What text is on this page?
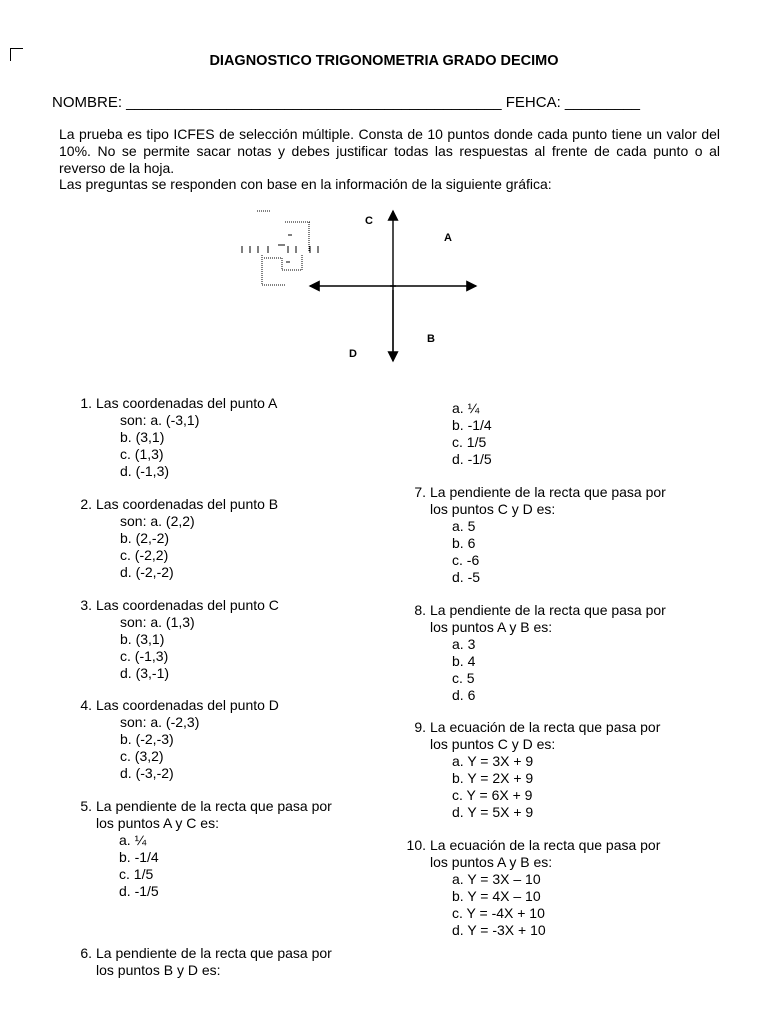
DIAGNOSTICO TRIGONOMETRIA GRADO DECIMO
NOMBRE: _____________________________________________ FEHCA: _________

La prueba es tipo ICFES de selección múltiple. Consta de 10 puntos donde cada punto tiene un valor del 10%. No se permite sacar notas y debes justificar todas las respuestas al frente de cada punto o al reverso de la hoja.

Las preguntas se responden con base en la información de la siguiente gráfica:

C
A
B
D
1. Las coordenadas del punto A
son: a. (-3,1)
b. (3,1)
c. (1,3)
d. (-1,3)
2. Las coordenadas del punto B
son: a. (2,2)
b. (2,-2)
c. (-2,2)
d. (-2,-2)
3. Las coordenadas del punto C
son: a. (1,3)
b. (3,1)
c. (-1,3)
d. (3,-1)
4. Las coordenadas del punto D
son: a. (-2,3)
b. (-2,-3)
c. (3,2)
d. (-3,-2)
5. La pendiente de la recta que pasa por
los puntos A y C es:
a. ¼
b. -1/4
c. 1/5
d. -1/5
6. La pendiente de la recta que pasa por
los puntos B y D es:
a. ¼
b. -1/4
c. 1/5
d. -1/5
7. La pendiente de la recta que pasa por
los puntos C y D es:
a. 5
b. 6
c. -6
d. -5
8. La pendiente de la recta que pasa por
los puntos A y B es:
a. 3
b. 4
c. 5
d. 6
9. La ecuación de la recta que pasa por
los puntos C y D es:
a. Y = 3X + 9
b. Y = 2X + 9
c. Y = 6X + 9
d. Y = 5X + 9
10. La ecuación de la recta que pasa por
los puntos A y B es:
a. Y = 3X – 10
b. Y = 4X – 10
c. Y = -4X + 10
d. Y = -3X + 10
